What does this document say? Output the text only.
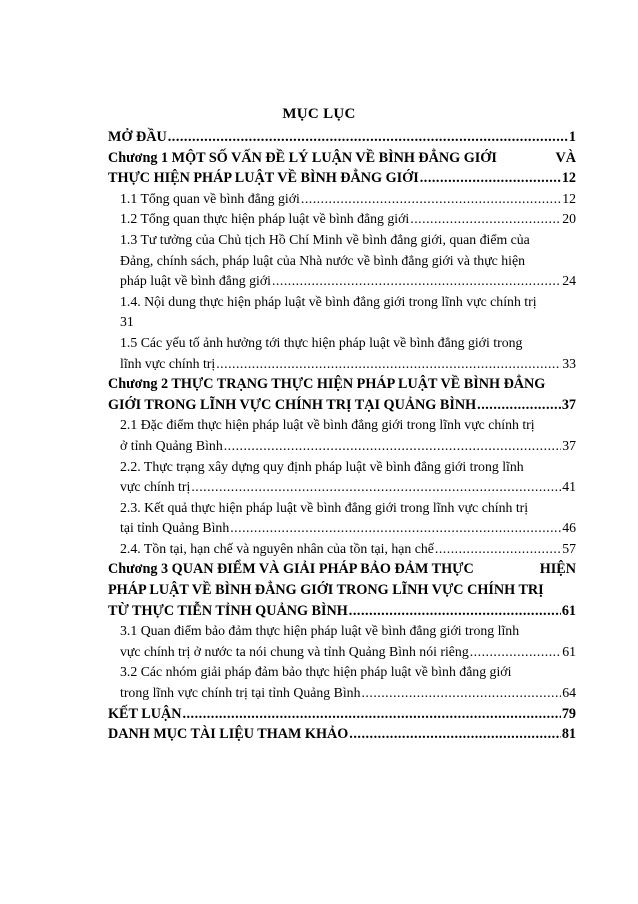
MỤC LỤC
MỞ ĐẦU .....	1
Chương 1 MỘT SỐ VẤN ĐỀ LÝ LUẬN VỀ BÌNH ĐẲNG GIỚI	VÀ
THỰC HIỆN PHÁP LUẬT VỀ BÌNH ĐẲNG GIỚI .....	12
1.1 Tổng quan về bình đẳng giới .....	12
1.2 Tổng quan thực hiện pháp luật về bình đẳng giới .....	20
1.3 Tư tưởng của Chủ tịch Hồ Chí Minh về bình đẳng giới, quan điểm của
Đảng, chính sách, pháp luật của Nhà nước về bình đẳng giới và thực hiện
pháp luật về bình đẳng giới .....	24
1.4. Nội dung thực hiện pháp luật về bình đẳng giới trong lĩnh vực chính trị
31
1.5 Các yếu tố ảnh hưởng tới thực hiện pháp luật về bình đẳng giới trong
lĩnh vực chính trị .....	33
Chương 2 THỰC TRẠNG THỰC HIỆN PHÁP LUẬT VỀ BÌNH ĐẲNG
GIỚI TRONG LĨNH VỰC CHÍNH TRỊ TẠI QUẢNG BÌNH .....	37
2.1 Đặc điểm thực hiện pháp luật về bình đẳng giới trong lĩnh vực chính trị
ở tỉnh Quảng Bình .....	37
2.2. Thực trạng xây dựng quy định pháp luật về bình đẳng giới trong lĩnh
vực chính trị .....	41
2.3. Kết quả thực hiện pháp luật về bình đẳng giới trong lĩnh vực chính trị
tại tỉnh Quảng Bình .....	46
2.4. Tồn tại, hạn chế và nguyên nhân của tồn tại, hạn chế .....	57
Chương 3 QUAN ĐIỂM VÀ GIẢI PHÁP BẢO ĐẢM THỰC	HIỆN
PHÁP LUẬT VỀ BÌNH ĐẲNG GIỚI TRONG LĨNH VỰC CHÍNH TRỊ
TỪ THỰC TIỄN TỈNH QUẢNG BÌNH .....	61
3.1 Quan điểm bảo đảm thực hiện pháp luật về bình đẳng giới trong lĩnh
vực chính trị ở nước ta nói chung và tỉnh Quảng Bình nói riêng .....	61
3.2 Các nhóm giải pháp đảm bảo thực hiện pháp luật về bình đẳng giới
trong lĩnh vực chính trị tại tỉnh Quảng Bình .....	64
KẾT LUẬN .....	79
DANH MỤC TÀI LIỆU THAM KHẢO .....	81
